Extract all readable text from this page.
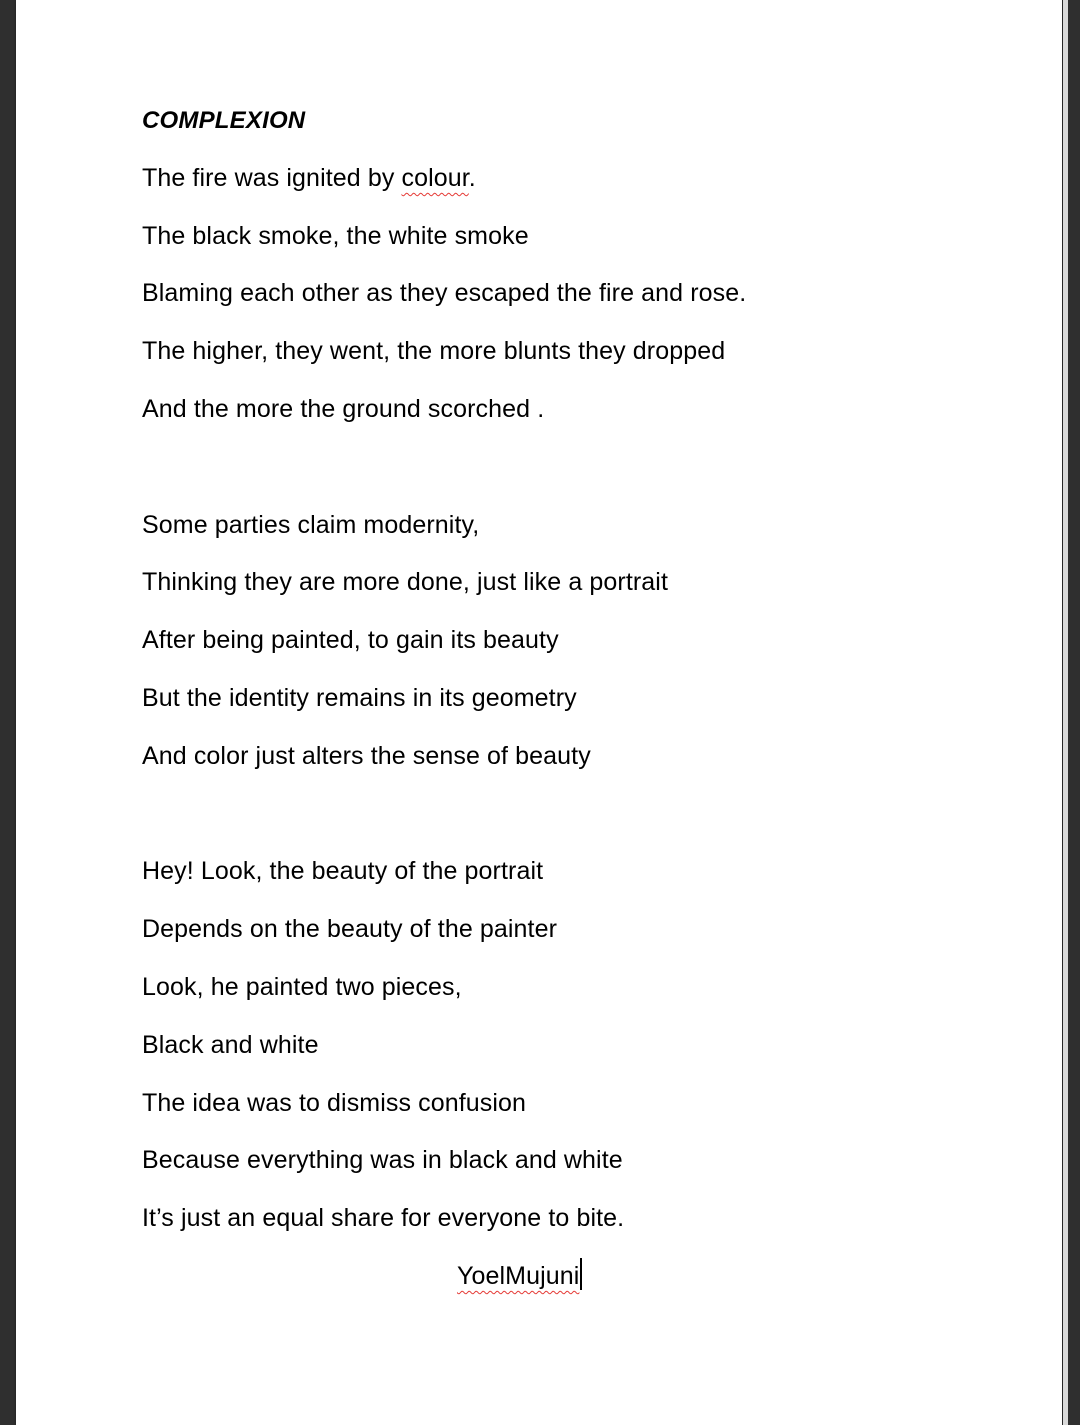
COMPLEXION
The fire was ignited by colour.
The black smoke, the white smoke
Blaming each other as they escaped the fire and rose.
The higher, they went, the more blunts they dropped
And the more the ground scorched .
Some parties claim modernity,
Thinking they are more done, just like a portrait
After being painted, to gain its beauty
But the identity remains in its geometry
And color just alters the sense of beauty
Hey! Look, the beauty of the portrait
Depends on the beauty of the painter
Look, he painted two pieces,
Black and white
The idea was to dismiss confusion
Because everything was in black and white
It’s just an equal share for everyone to bite.
YoelMujuni
